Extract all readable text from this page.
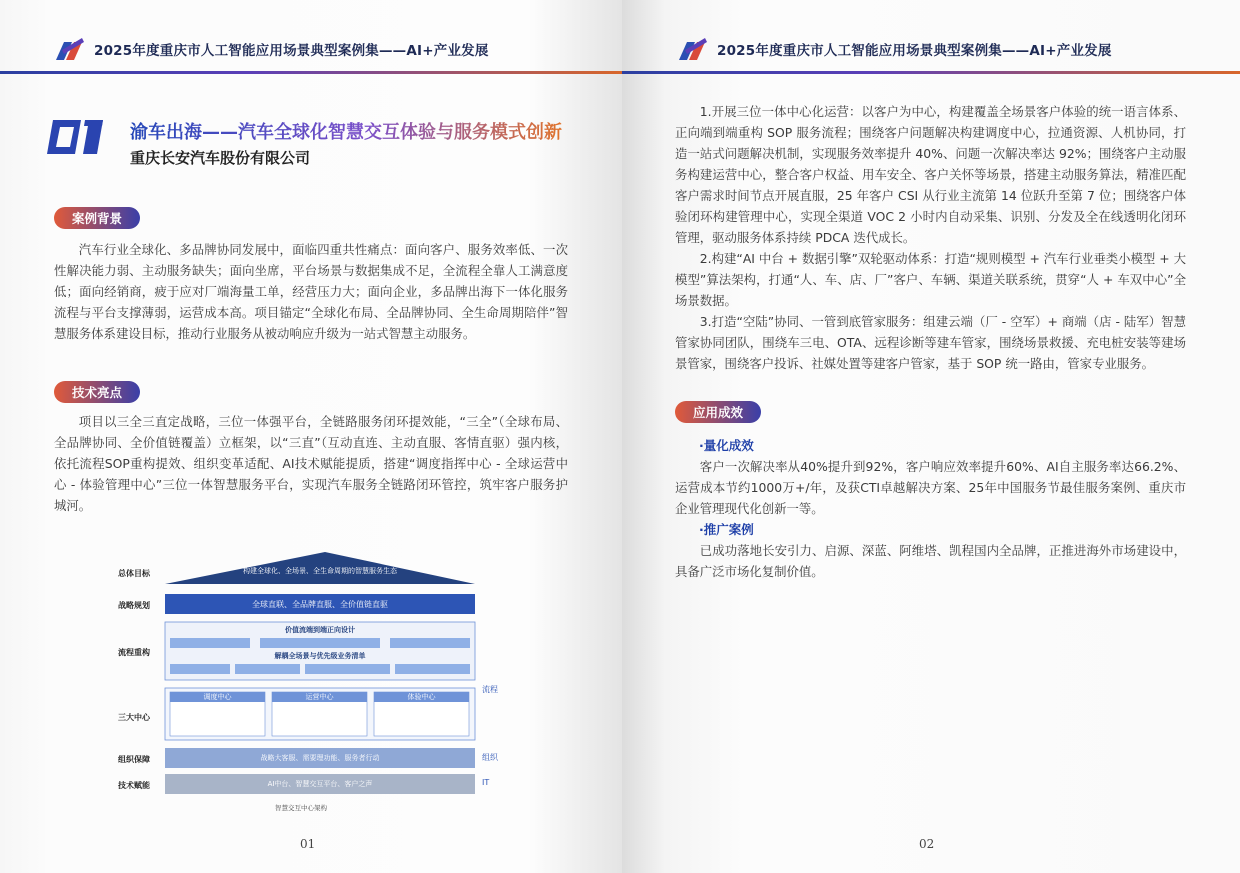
2025年度重庆市人工智能应用场景典型案例集——AI+产业发展
渝车出海——汽车全球化智慧交互体验与服务模式创新
重庆长安汽车股份有限公司
案例背景

汽车行业全球化、多品牌协同发展中，面临四重共性痛点：面向客户、服务效率低、一次性解决能力弱、主动服务缺失；面向坐席，平台场景与数据集成不足，全流程全靠人工满意度低；面向经销商，疲于应对厂端海量工单，经营压力大；面向企业，多品牌出海下一体化服务流程与平台支撑薄弱，运营成本高。项目锚定“全球化布局、全品牌协同、全生命周期陪伴”智慧服务体系建设目标，推动行业服务从被动响应升级为一站式智慧主动服务。

技术亮点

项目以三全三直定战略，三位一体强平台，全链路服务闭环提效能，“三全”（全球布局、全品牌协同、全价值链覆盖）立框架，以“三直”（互动直连、主动直服、客情直驱）强内核，依托流程SOP重构提效、组织变革适配、AI技术赋能提质，搭建“调度指挥中心 - 全球运营中心 - 体验管理中心”三位一体智慧服务平台，实现汽车服务全链路闭环管控，筑牢客户服务护城河。

总体目标
战略规划
流程重构
三大中心
组织保障
技术赋能
构建全球化、全场景、全生命周期的智慧服务生态
全球直联、全品牌直服、全价值链直驱
价值流端到端正向设计
解耦全场景与优先级业务清单
调度中心	运营中心	体验中心
战略大客服、需要理功能、服务者行动
AI中台、智慧交互平台、客户之声
流程
组织
IT
智慧交互中心架构
01
2025年度重庆市人工智能应用场景典型案例集——AI+产业发展

1.开展三位一体中心化运营：以客户为中心，构建覆盖全场景客户体验的统一语言体系、正向端到端重构 SOP 服务流程；围绕客户问题解决构建调度中心，拉通资源、人机协同，打造一站式问题解决机制，实现服务效率提升 40%、问题一次解决率达 92%；围绕客户主动服务构建运营中心，整合客户权益、用车安全、客户关怀等场景，搭建主动服务算法，精准匹配客户需求时间节点开展直服，25 年客户 CSI 从行业主流第 14 位跃升至第 7 位；围绕客户体验闭环构建管理中心，实现全渠道 VOC 2 小时内自动采集、识别、分发及全在线透明化闭环管理，驱动服务体系持续 PDCA 迭代成长。

2.构建“AI 中台 + 数据引擎”双轮驱动体系：打造“规则模型 + 汽车行业垂类小模型 + 大模型”算法架构，打通“人、车、店、厂”客户、车辆、渠道关联系统，贯穿“人 + 车双中心”全场景数据。

3.打造“空陆”协同、一管到底管家服务：组建云端（厂 - 空军）+ 商端（店 - 陆军）智慧管家协同团队，围绕车三电、OTA、远程诊断等建车管家，围绕场景救援、充电桩安装等建场景管家，围绕客户投诉、社媒处置等建客户管家，基于 SOP 统一路由，管家专业服务。

应用成效

·量化成效

客户一次解决率从40%提升到92%，客户响应效率提升60%、AI自主服务率达66.2%、运营成本节约1000万+/年，及获CTI卓越解决方案、25年中国服务节最佳服务案例、重庆市企业管理现代化创新一等。

·推广案例

已成功落地长安引力、启源、深蓝、阿维塔、凯程国内全品牌，正推进海外市场建设中，具备广泛市场化复制价值。

02
